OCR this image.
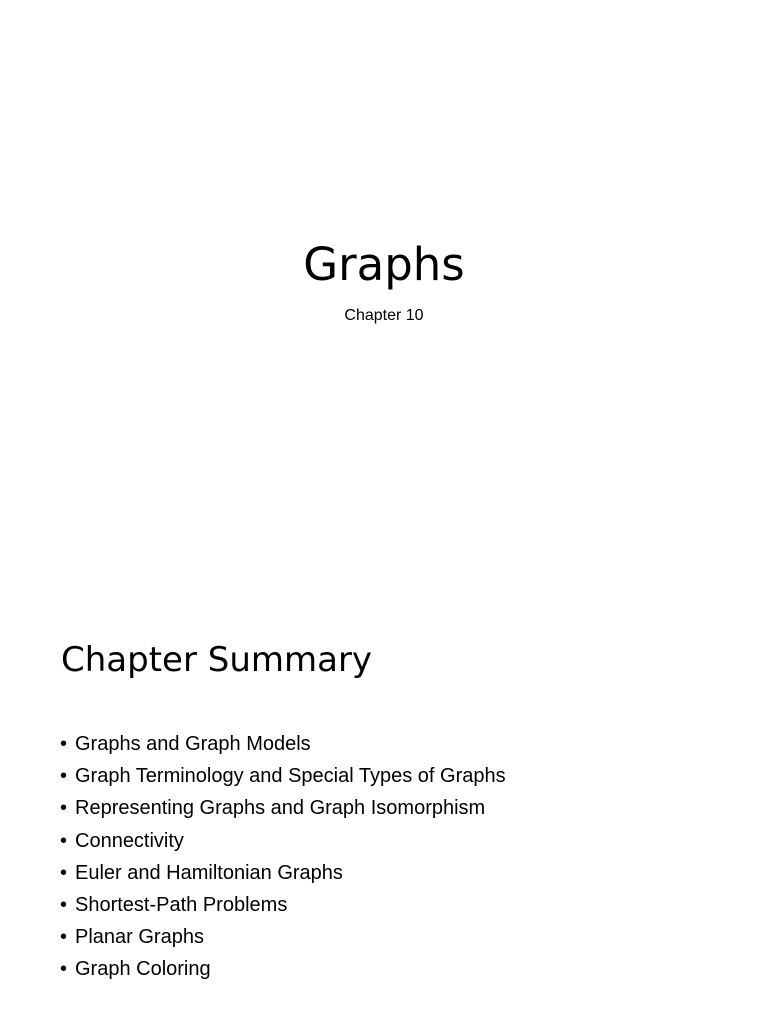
Graphs

Chapter 10

Chapter Summary
• Graphs and Graph Models
• Graph Terminology and Special Types of Graphs
• Representing Graphs and Graph Isomorphism
• Connectivity
• Euler and Hamiltonian Graphs
• Shortest-Path Problems
• Planar Graphs
• Graph Coloring
